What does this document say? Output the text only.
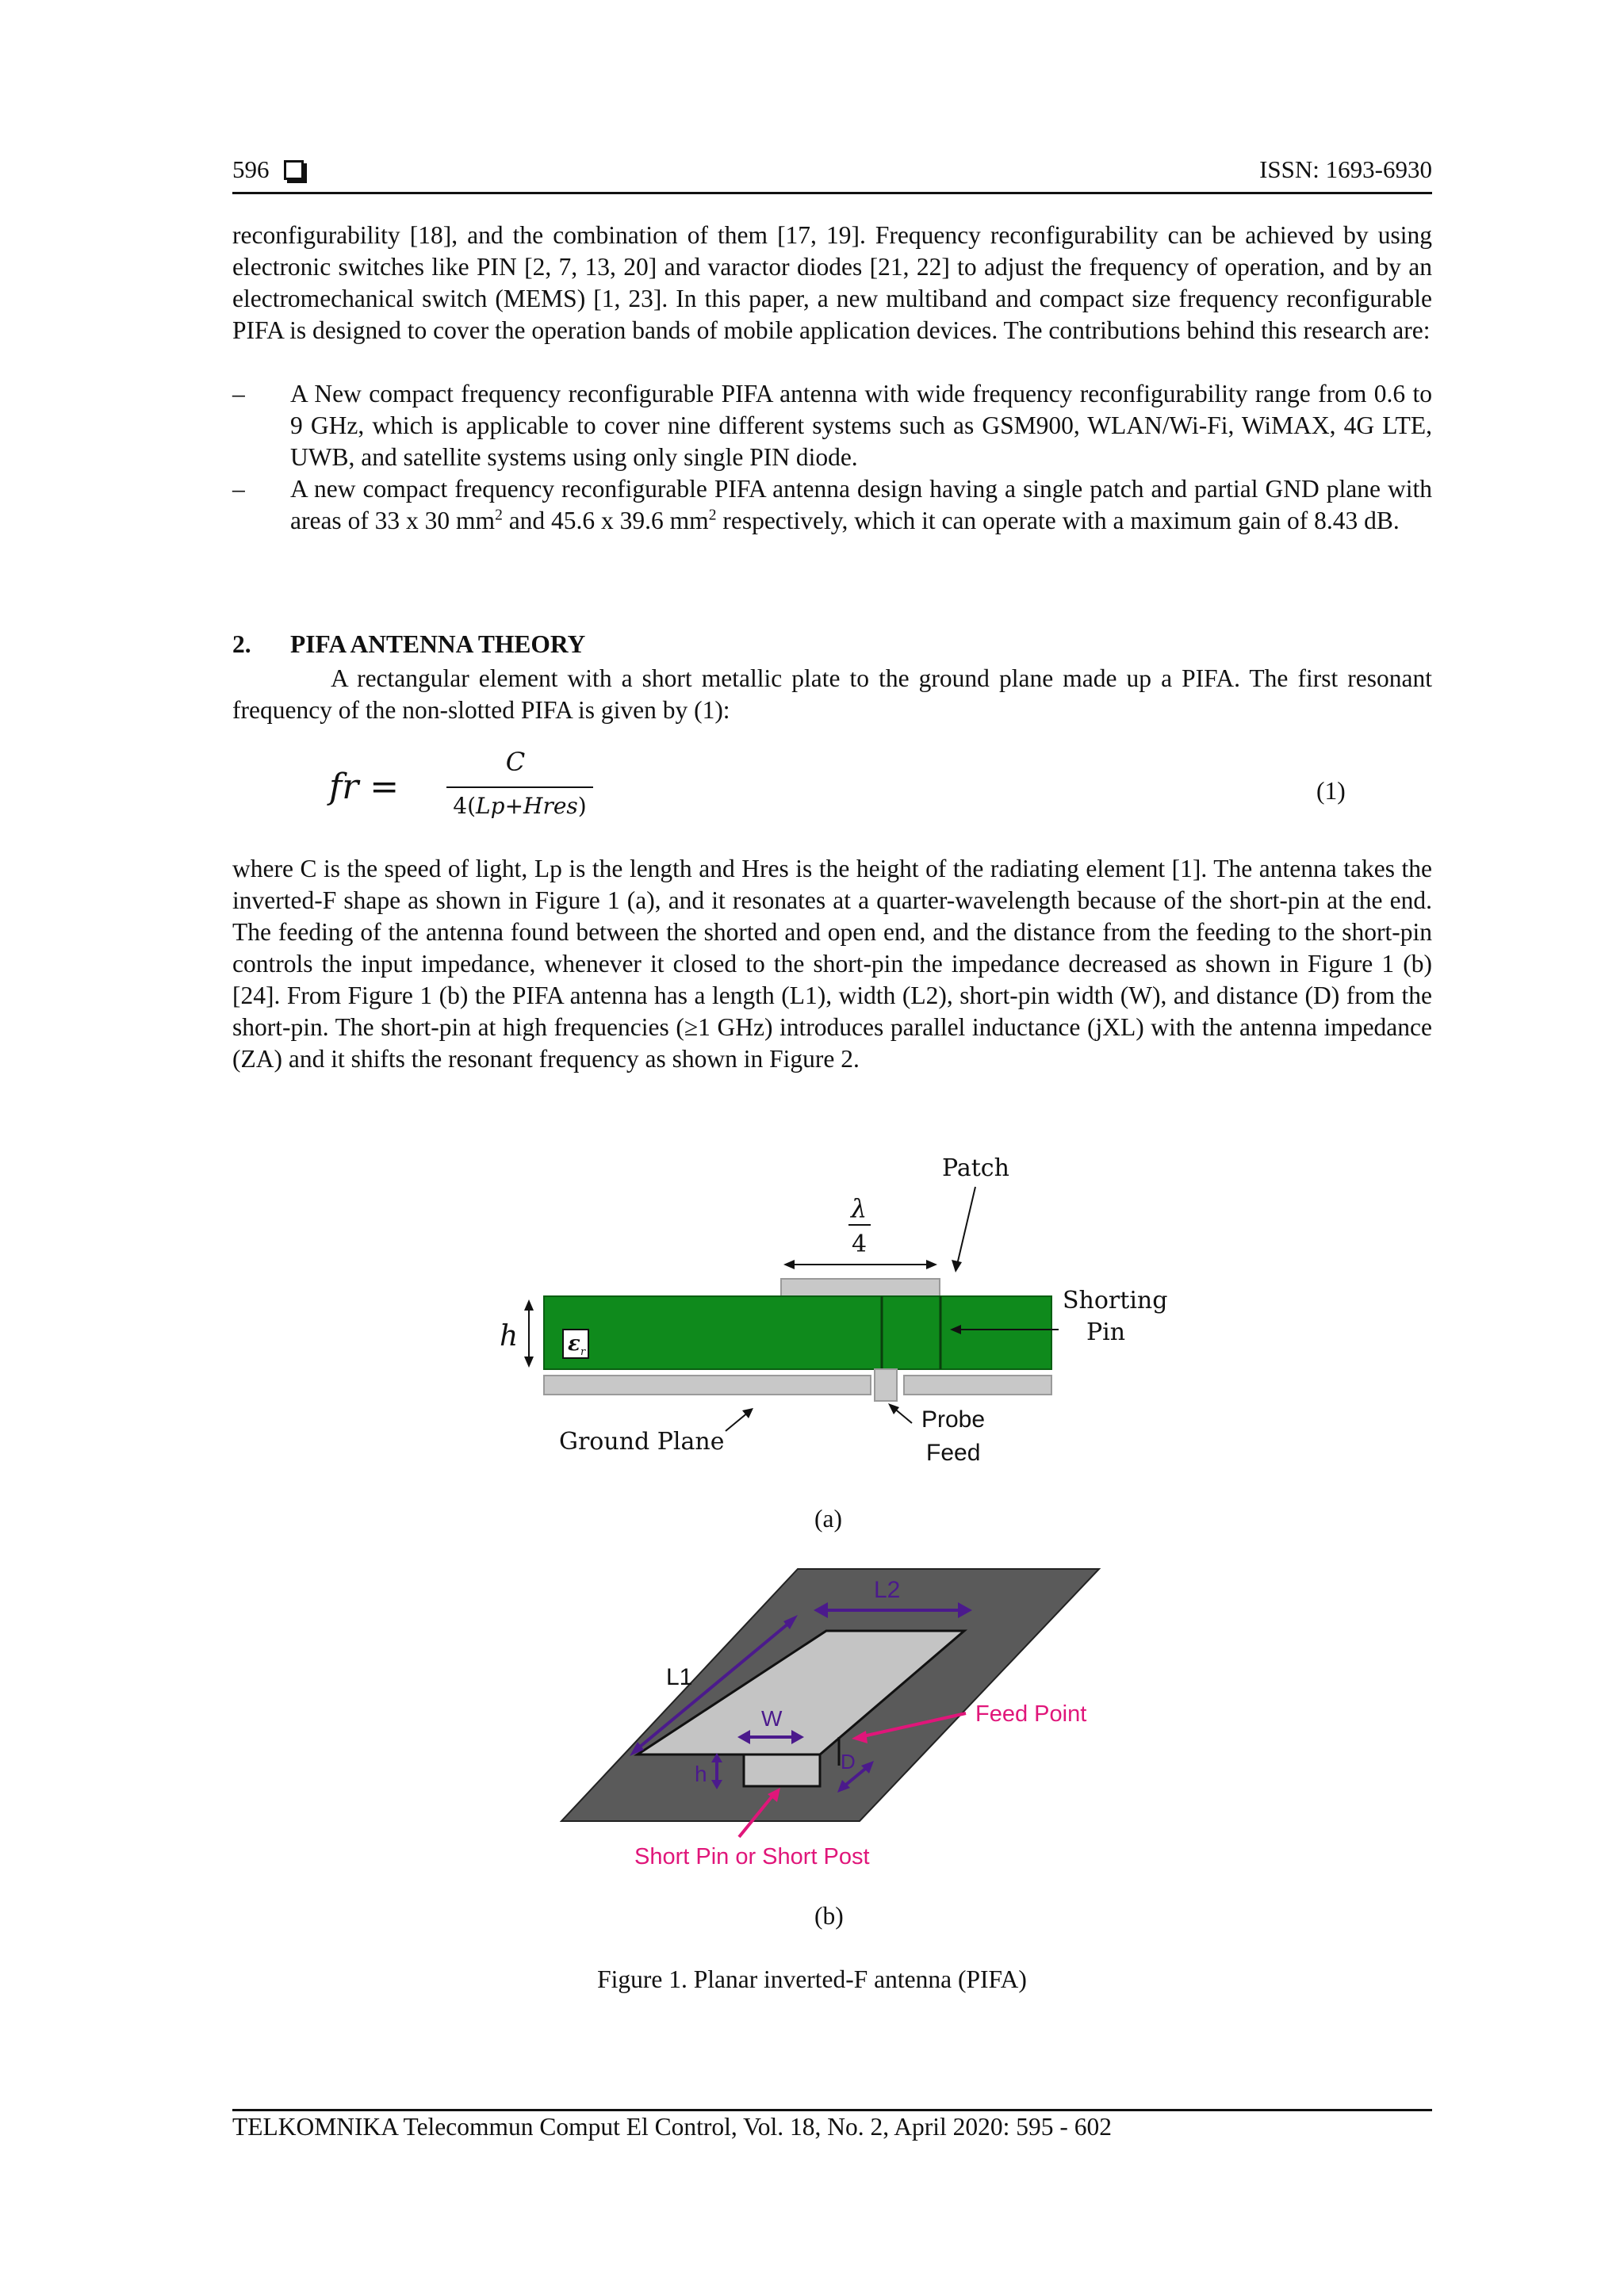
596	ISSN: 1693-6930

reconfigurability [18], and the combination of them [17, 19]. Frequency reconfigurability can be achieved by using electronic switches like PIN [2, 7, 13, 20] and varactor diodes [21, 22] to adjust the frequency of operation, and by an electromechanical switch (MEMS) [1, 23]. In this paper, a new multiband and compact size frequency reconfigurable PIFA is designed to cover the operation bands of mobile application devices. The contributions behind this research are:

– A New compact frequency reconfigurable PIFA antenna with wide frequency reconfigurability range from 0.6 to 9 GHz, which is applicable to cover nine different systems such as GSM900, WLAN/Wi-Fi, WiMAX, 4G LTE, UWB, and satellite systems using only single PIN diode.
– A new compact frequency reconfigurable PIFA antenna design having a single patch and partial GND plane with areas of 33 x 30 $mm^2$ and 45.6 x 39.6 $mm^2$ respectively, which it can operate with a maximum gain of 8.43 dB.
2. PIFA ANTENNA THEORY

A rectangular element with a short metallic plate to the ground plane made up a PIFA. The first resonant frequency of the non-slotted PIFA is given by (1):

fr =
C
4(Lp+Hres)
(1)

where C is the speed of light, Lp is the length and Hres is the height of the radiating element [1]. The antenna takes the inverted-F shape as shown in Figure 1 (a), and it resonates at a quarter-wavelength because of the short-pin at the end. The feeding of the antenna found between the shorted and open end, and the distance from the feeding to the short-pin controls the input impedance, whenever it closed to the short-pin the impedance decreased as shown in Figure 1 (b) [24]. From Figure 1 (b) the PIFA antenna has a length (L1), width (L2), short-pin width (W), and distance (D) from the short-pin. The short-pin at high frequencies (≥1 GHz) introduces parallel inductance (jXL) with the antenna impedance (ZA) and it shifts the resonant frequency as shown in Figure 2.

ε r
h
λ
4
Patch
Shorting
Pin
Ground Plane
Probe
Feed
(a)
L2
L1
W
h	D
Feed Point
Short Pin or Short Post
(b)
Figure 1. Planar inverted-F antenna (PIFA)
TELKOMNIKA Telecommun Comput El Control, Vol. 18, No. 2, April 2020: 595 - 602
